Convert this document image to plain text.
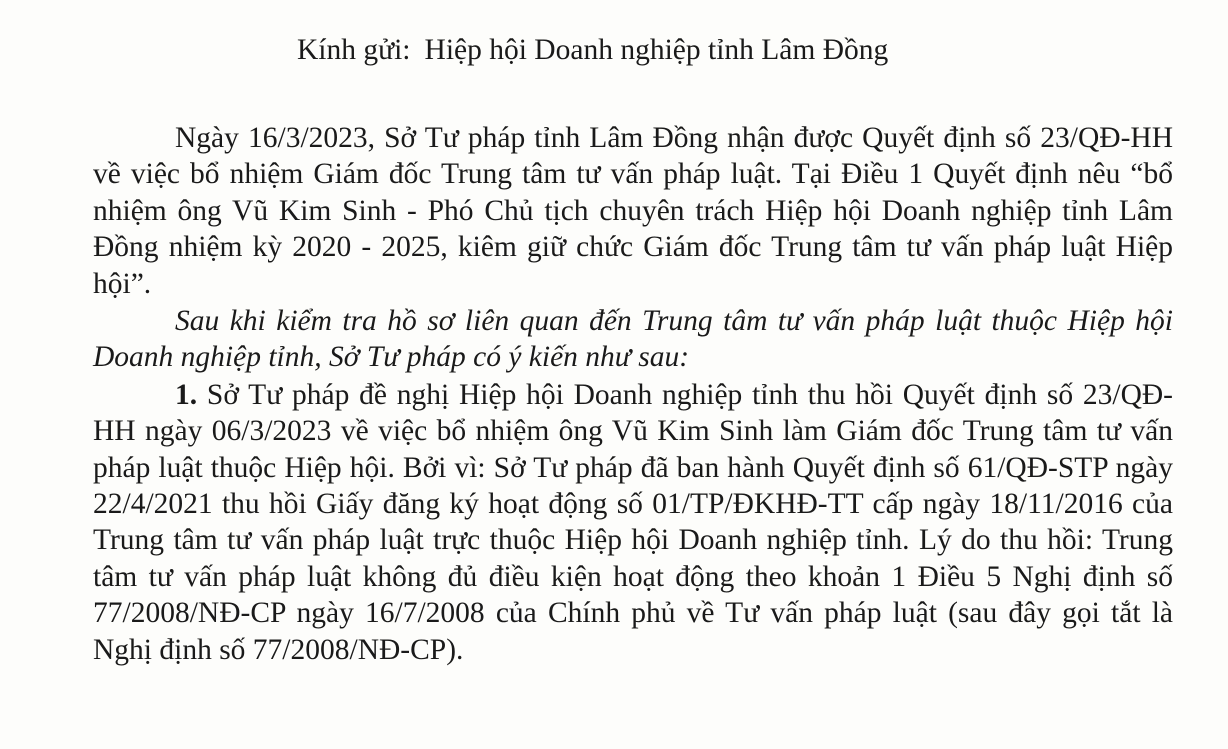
Kính gửi: Hiệp hội Doanh nghiệp tỉnh Lâm Đồng

Ngày 16/3/2023, Sở Tư pháp tỉnh Lâm Đồng nhận được Quyết định số 23/QĐ-HH về việc bổ nhiệm Giám đốc Trung tâm tư vấn pháp luật. Tại Điều 1 Quyết định nêu “bổ nhiệm ông Vũ Kim Sinh - Phó Chủ tịch chuyên trách Hiệp hội Doanh nghiệp tỉnh Lâm Đồng nhiệm kỳ 2020 - 2025, kiêm giữ chức Giám đốc Trung tâm tư vấn pháp luật Hiệp hội”.

Sau khi kiểm tra hồ sơ liên quan đến Trung tâm tư vấn pháp luật thuộc Hiệp hội Doanh nghiệp tỉnh, Sở Tư pháp có ý kiến như sau:

1. Sở Tư pháp đề nghị Hiệp hội Doanh nghiệp tỉnh thu hồi Quyết định số 23/QĐ-HH ngày 06/3/2023 về việc bổ nhiệm ông Vũ Kim Sinh làm Giám đốc Trung tâm tư vấn pháp luật thuộc Hiệp hội. Bởi vì: Sở Tư pháp đã ban hành Quyết định số 61/QĐ-STP ngày 22/4/2021 thu hồi Giấy đăng ký hoạt động số 01/TP/ĐKHĐ-TT cấp ngày 18/11/2016 của Trung tâm tư vấn pháp luật trực thuộc Hiệp hội Doanh nghiệp tỉnh. Lý do thu hồi: Trung tâm tư vấn pháp luật không đủ điều kiện hoạt động theo khoản 1 Điều 5 Nghị định số 77/2008/NĐ-CP ngày 16/7/2008 của Chính phủ về Tư vấn pháp luật (sau đây gọi tắt là Nghị định số 77/2008/NĐ-CP).
